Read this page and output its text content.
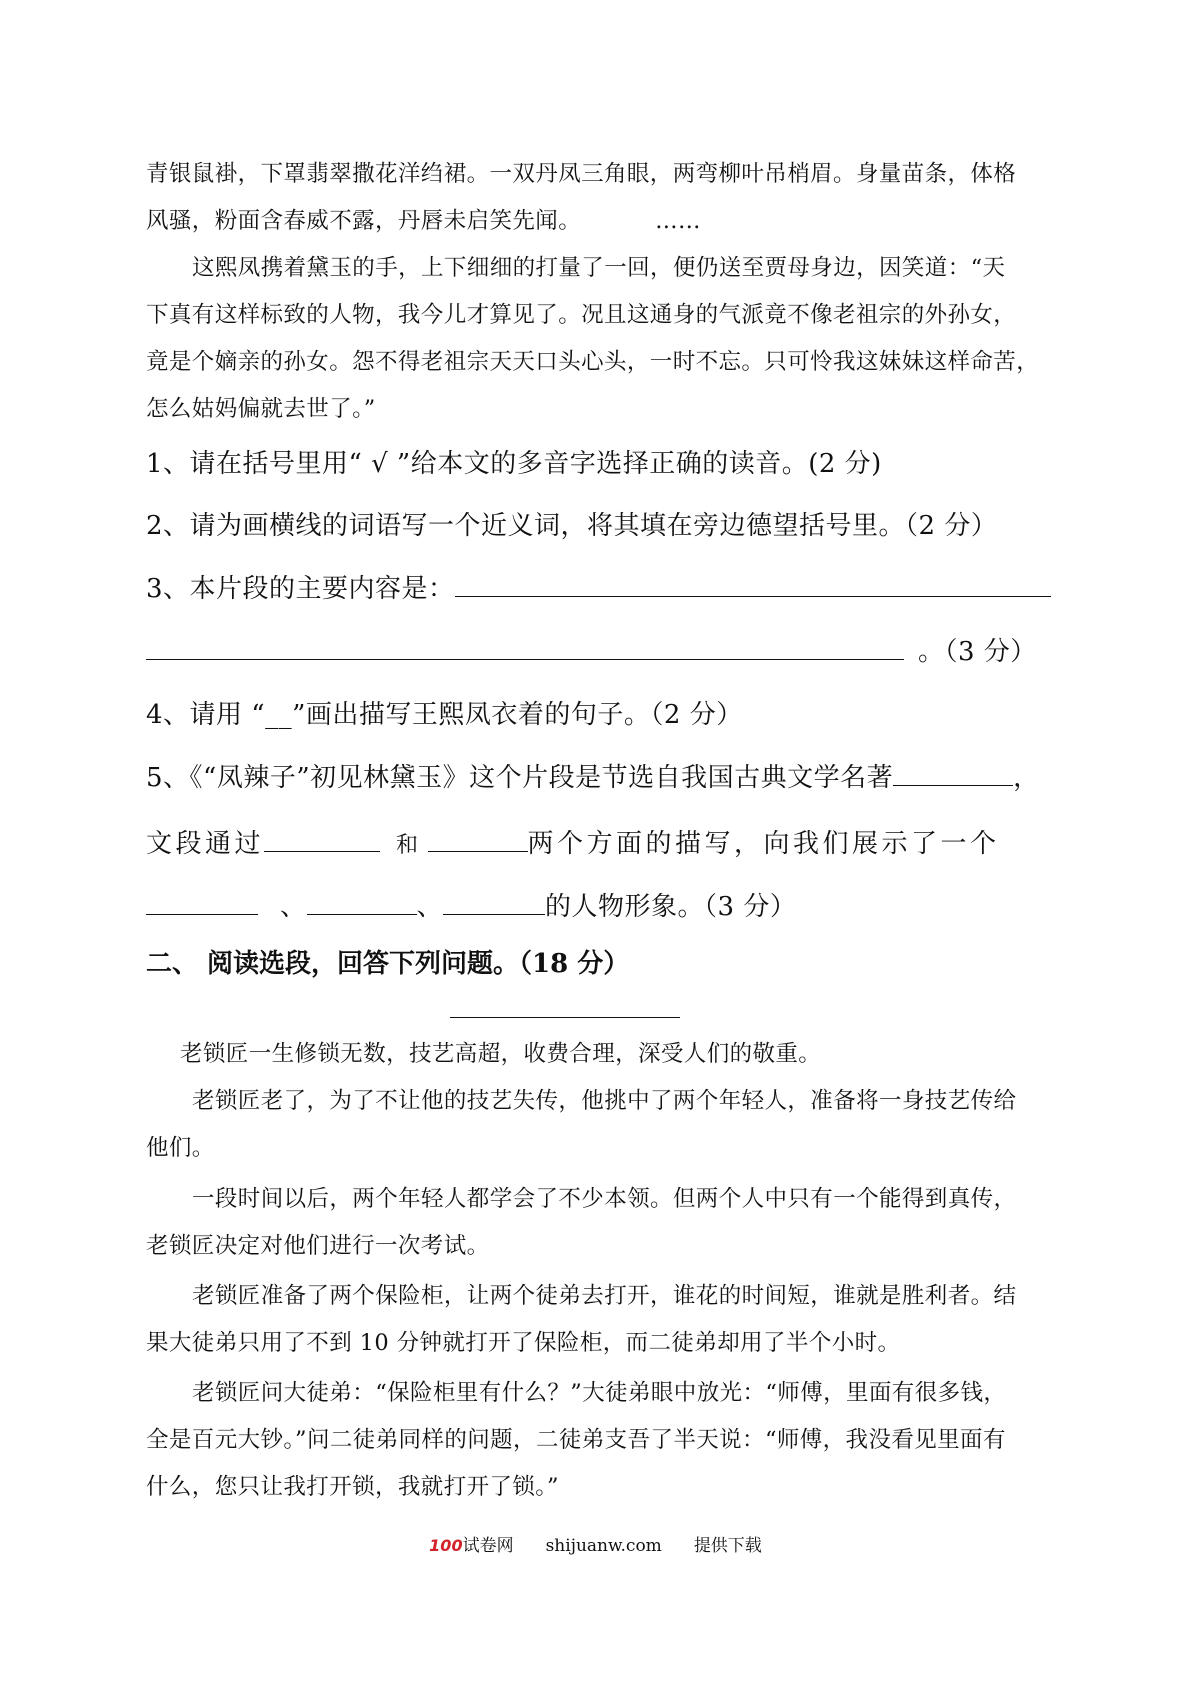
青银鼠褂，下罩翡翠撒花洋绉裙。一双丹凤三角眼，两弯柳叶吊梢眉。身量苗条，体格
风骚，粉面含春威不露，丹唇未启笑先闻。	……
这熙凤携着黛玉的手，上下细细的打量了一回，便仍送至贾母身边，因笑道：“天
下真有这样标致的人物，我今儿才算见了。况且这通身的气派竟不像老祖宗的外孙女，
竟是个嫡亲的孙女。怨不得老祖宗天天口头心头，一时不忘。只可怜我这妹妹这样命苦，
怎么姑妈偏就去世了。”
1、请在括号里用“ √ ”给本文的多音字选择正确的读音。(2 分)
2、请为画横线的词语写一个近义词，将其填在旁边德望括号里。（2 分）
3、本片段的主要内容是：
。（3 分）
4、请用 “__”画出描写王熙凤衣着的句子。（2 分）
5、《“凤辣子”初见林黛玉》这个片段是节选自我国古典文学名著	，
文段通过	和	两个方面的描写，向我们展示了一个
、	、	的人物形象。（3 分）
二、 阅读选段，回答下列问题。（18 分）
老锁匠一生修锁无数，技艺高超，收费合理，深受人们的敬重。
老锁匠老了，为了不让他的技艺失传，他挑中了两个年轻人，准备将一身技艺传给
他们。
一段时间以后，两个年轻人都学会了不少本领。但两个人中只有一个能得到真传，
老锁匠决定对他们进行一次考试。
老锁匠准备了两个保险柜，让两个徒弟去打开，谁花的时间短，谁就是胜利者。结
果大徒弟只用了不到 10 分钟就打开了保险柜，而二徒弟却用了半个小时。
老锁匠问大徒弟：“保险柜里有什么？”大徒弟眼中放光：“师傅，里面有很多钱，
全是百元大钞。”问二徒弟同样的问题，二徒弟支吾了半天说：“师傅，我没看见里面有
什么，您只让我打开锁，我就打开了锁。”
100试卷网 shijuanw.com 提供下载
